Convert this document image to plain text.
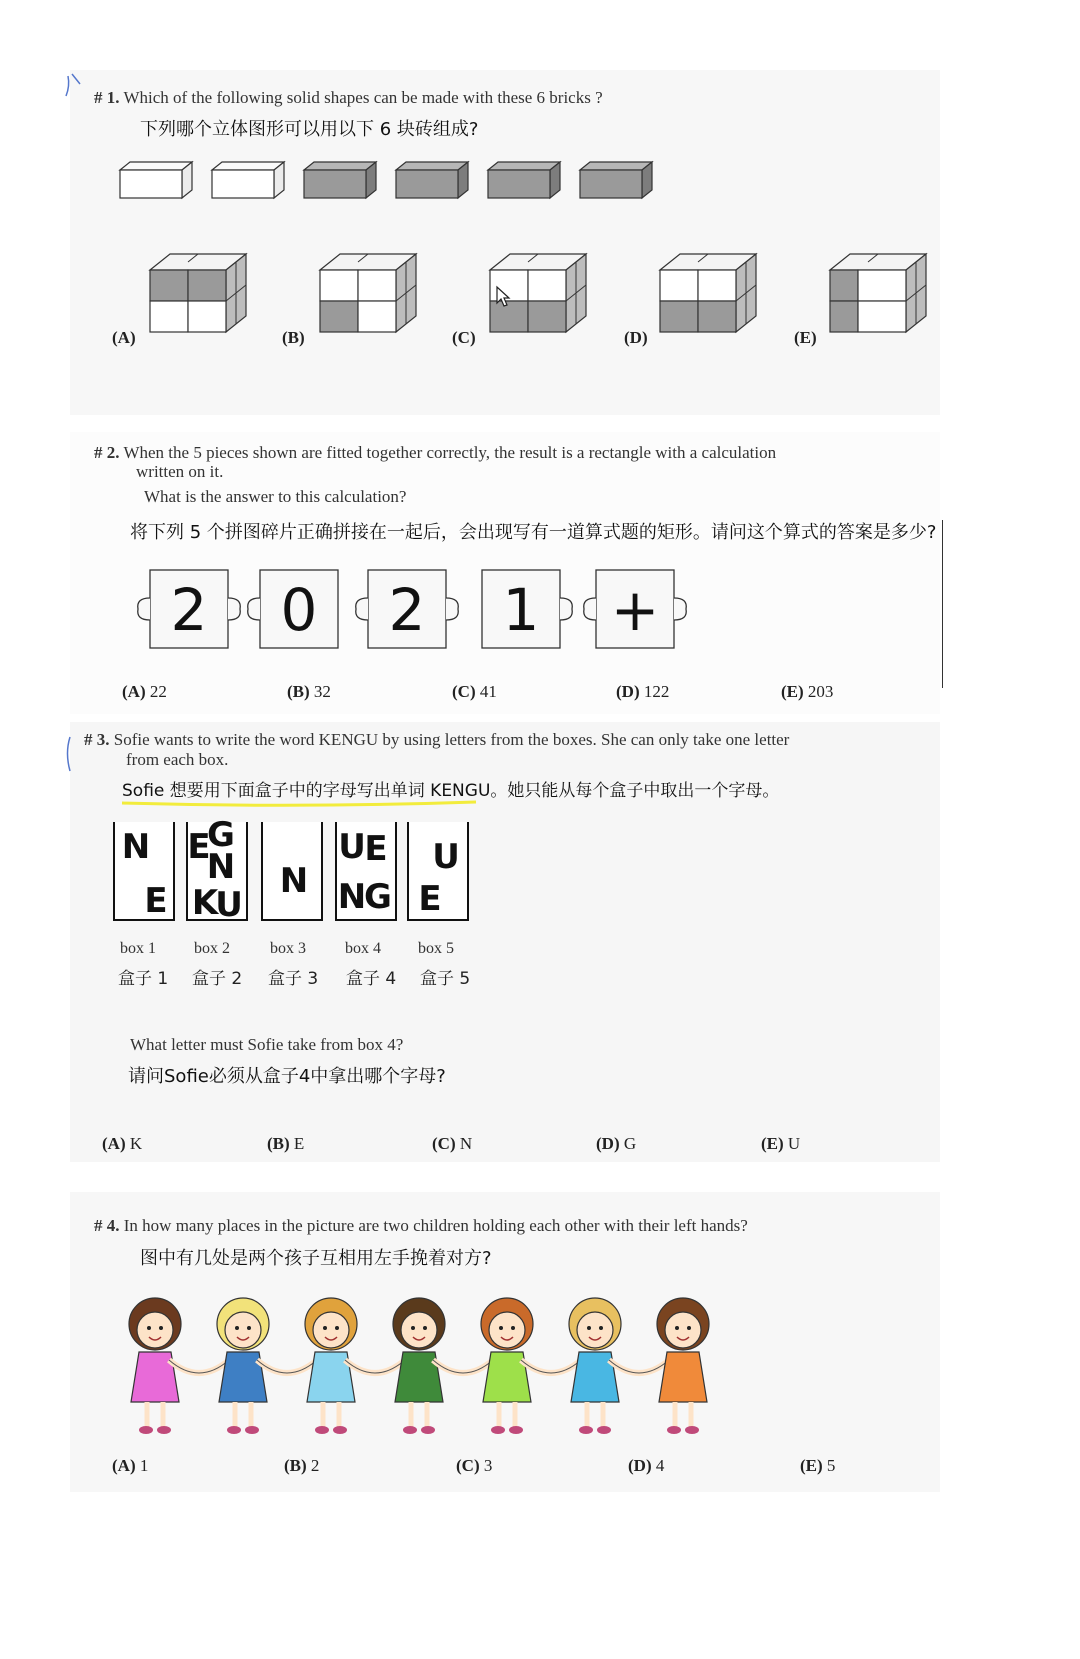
# 1. Which of the following solid shapes can be made with these 6 bricks ?
下列哪个立体图形可以用以下 6 块砖组成?
(A)	(B)	(C)	(D)	(E)
# 2. When the 5 pieces shown are fitted together correctly, the result is a rectangle with a calculation
written on it.
What is the answer to this calculation?
将下列 5 个拼图碎片正确拼接在一起后，会出现写有一道算式题的矩形。请问这个算式的答案是多少?
2 0 2 1 +
(A) 22	(B) 32	(C) 41	(D) 122	(E) 203
# 3. Sofie wants to write the word KENGU by using letters from the boxes. She can only take one letter
from each box.
Sofie 想要用下面盒子中的字母写出单词 KENGU。她只能从每个盒子中取出一个字母。
N
E
E
G
N
K
U
N
U
E
N
G
U
E
box 1 box 2	box 3 box 4 box 5
盒子 1 盒子 2 盒子 3 盒子 4 盒子 5
What letter must Sofie take from box 4?
请问Sofie必须从盒子4中拿出哪个字母?
(A) K	(B) E	(C) N	(D) G	(E) U
# 4. In how many places in the picture are two children holding each other with their left hands?
图中有几处是两个孩子互相用左手挽着对方?
(A) 1	(B) 2	(C) 3	(D) 4	(E) 5
